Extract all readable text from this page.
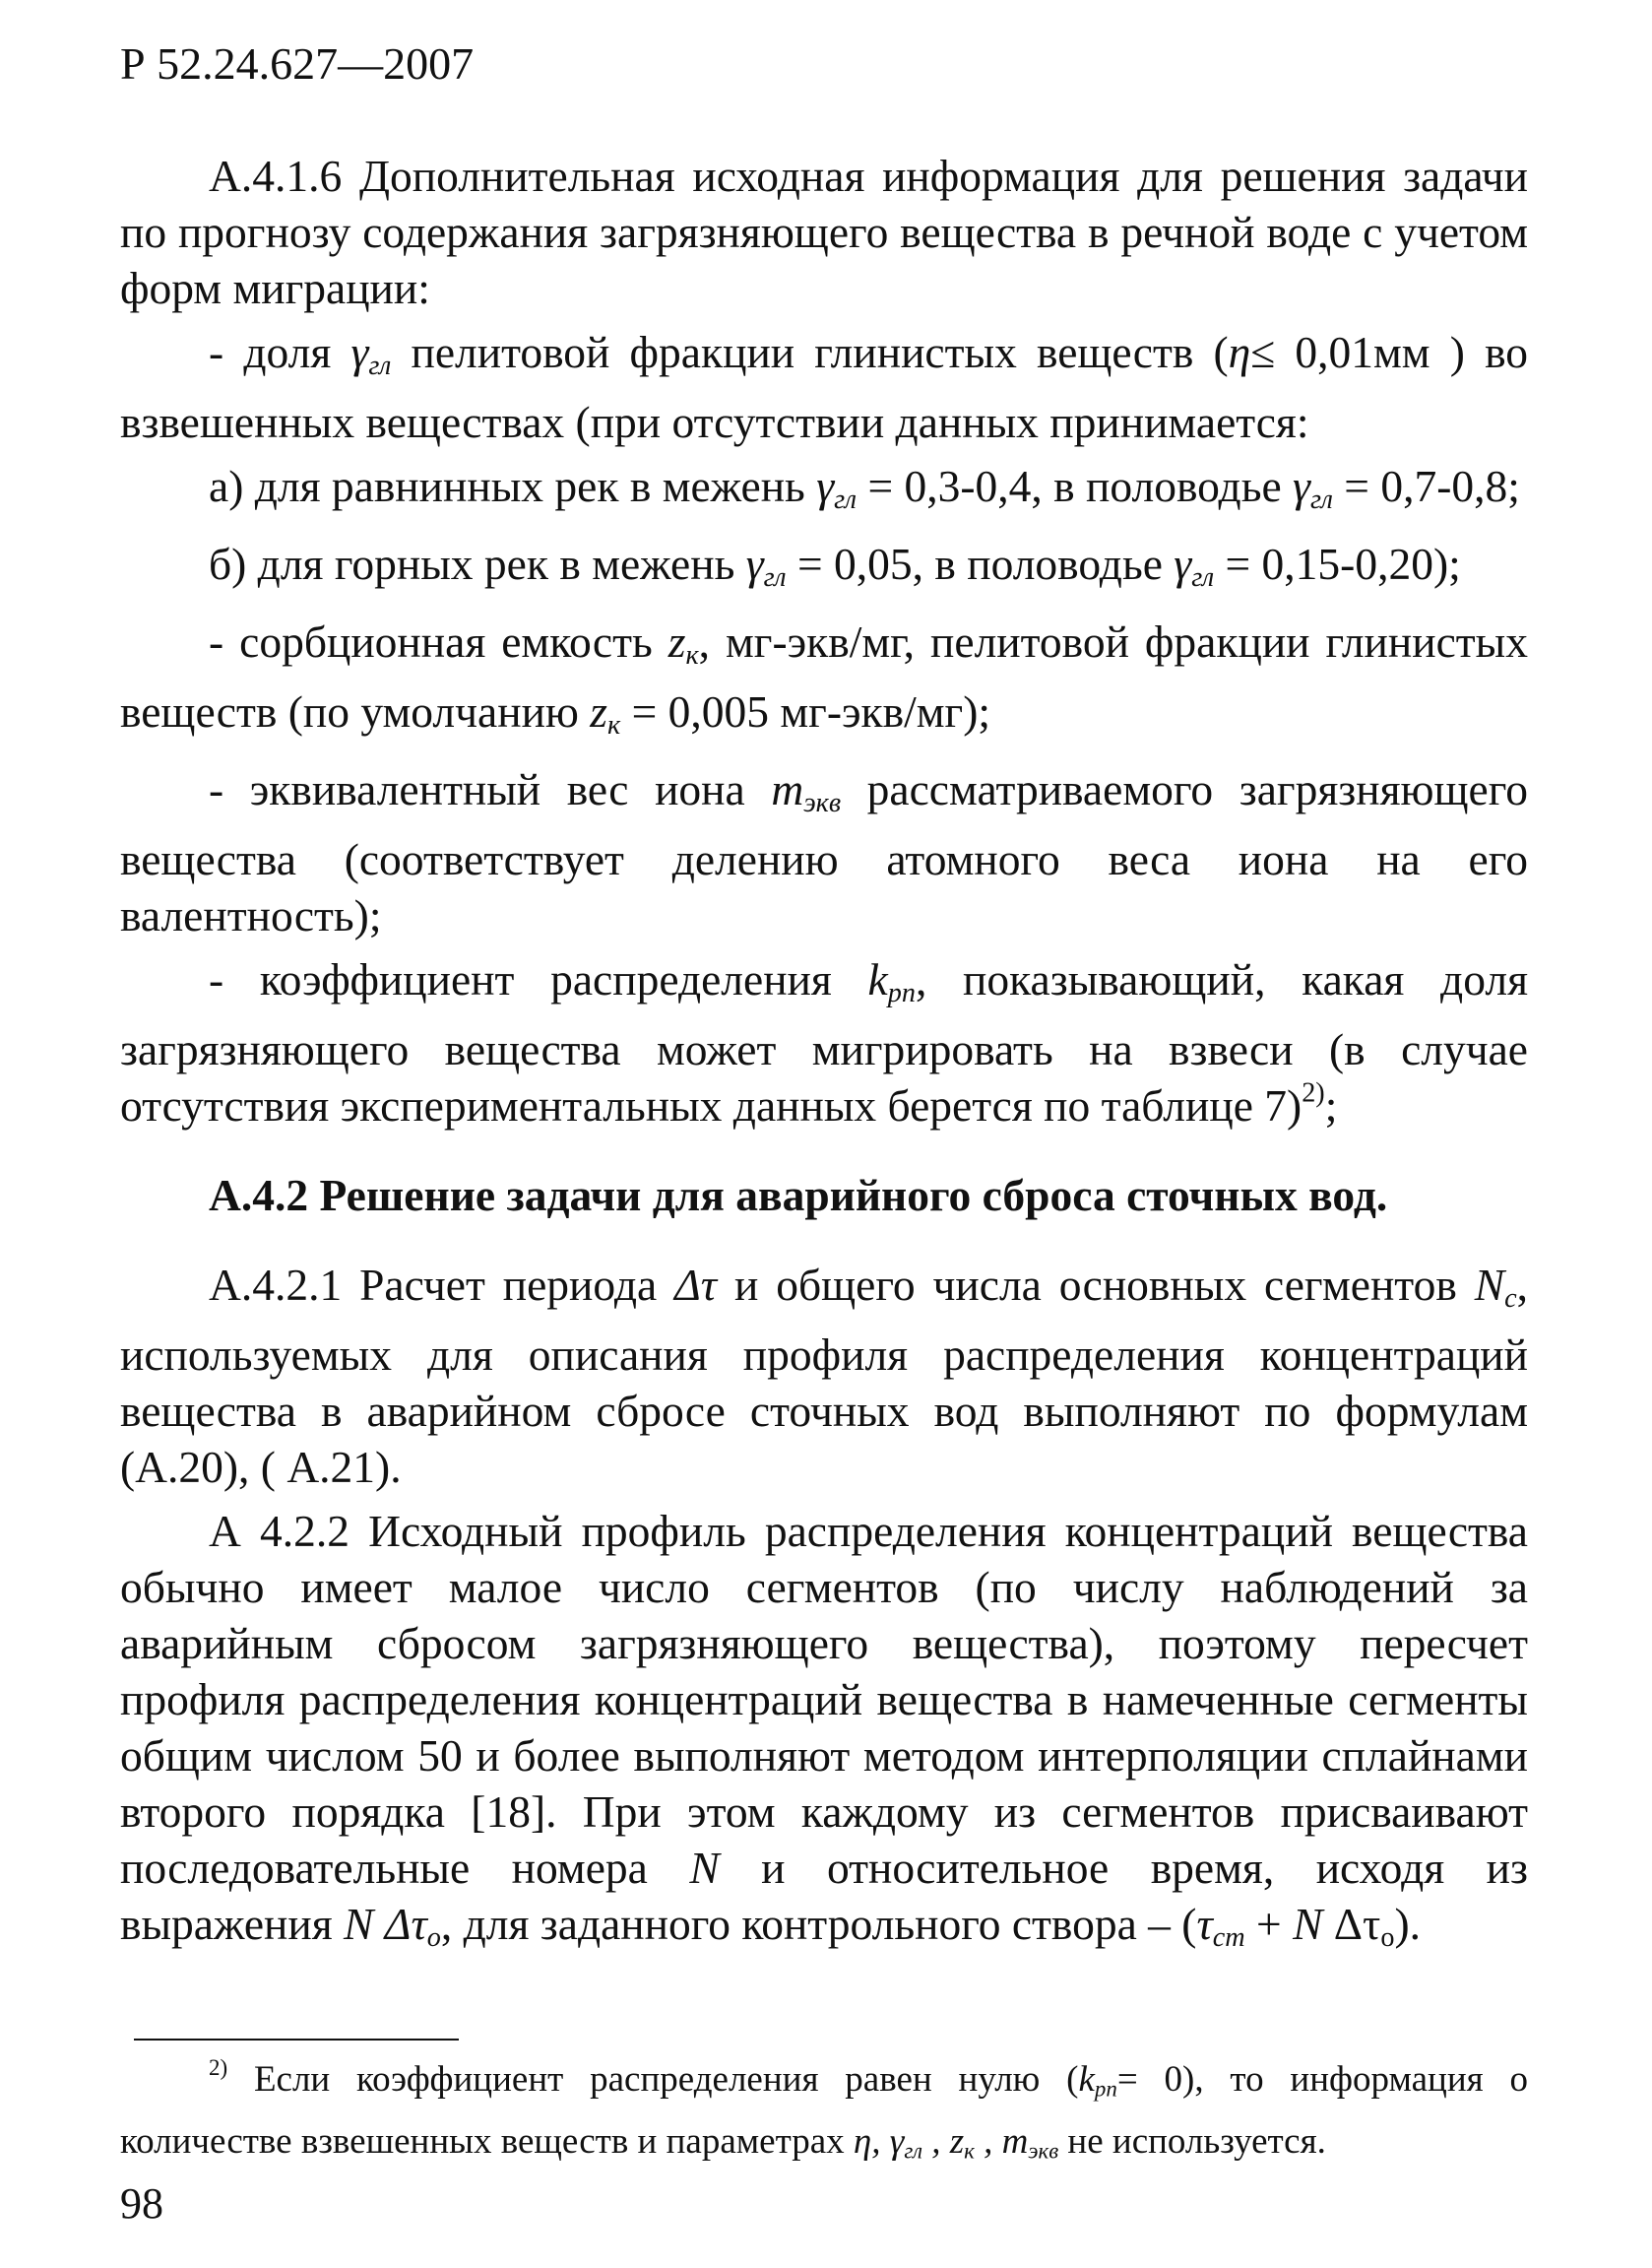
Р 52.24.627—2007

А.4.1.6 Дополнительная исходная информация для решения задачи по прогнозу содержания загрязняющего вещества в речной воде с учетом форм миграции:

- доля $\gamma_{гл}$ пелитовой фракции глинистых веществ (η≤ 0,01мм ) во взвешенных веществах (при отсутствии данных принимается:

а) для равнинных рек в межень $\gamma_{гл} = 0,3-0,4$, в половодье $\gamma_{гл} = 0,7-0,8$;

б) для горных рек в межень $\gamma_{гл} = 0,05$, в половодье $\gamma_{гл} = 0,15-0,20$);

- сорбционная емкость $z_к$, мг-экв/мг, пелитовой фракции глинистых веществ (по умолчанию $z_к = 0,005$ мг-экв/мг);

- эквивалентный вес иона $m_{экв}$ рассматриваемого загрязняющего вещества (соответствует делению атомного веса иона на его валентность);

- коэффициент распределения $k_{рп}$, показывающий, какая доля загрязняющего вещества может мигрировать на взвеси (в случае отсутствия экспериментальных данных берется по таблице 7)$^{2)}$;

А.4.2 Решение задачи для аварийного сброса сточных вод.

А.4.2.1 Расчет периода Δτ и общего числа основных сегментов $N_с$, используемых для описания профиля распределения концентраций вещества в аварийном сбросе сточных вод выполняют по формулам (А.20), ( А.21).

А 4.2.2 Исходный профиль распределения концентраций вещества обычно имеет малое число сегментов (по числу наблюдений за аварийным сбросом загрязняющего вещества), поэтому пересчет профиля распределения концентраций вещества в намеченные сегменты общим числом 50 и более выполняют методом интерполяции сплайнами второго порядка [18]. При этом каждому из сегментов присваивают последовательные номера N и относительное время, исходя из выражения N $\Delta\tau_о$, для заданного контрольного створа – ($\tau_{ст} + N$ $\Delta\tau_о$).

$^{2)}$ Если коэффициент распределения равен нулю $(k_{рп}= 0)$, то информация о количестве взвешенных веществ и параметрах η, $\gamma_{гл}$ , $z_к$ , $m_{экв}$ не используется.

98
